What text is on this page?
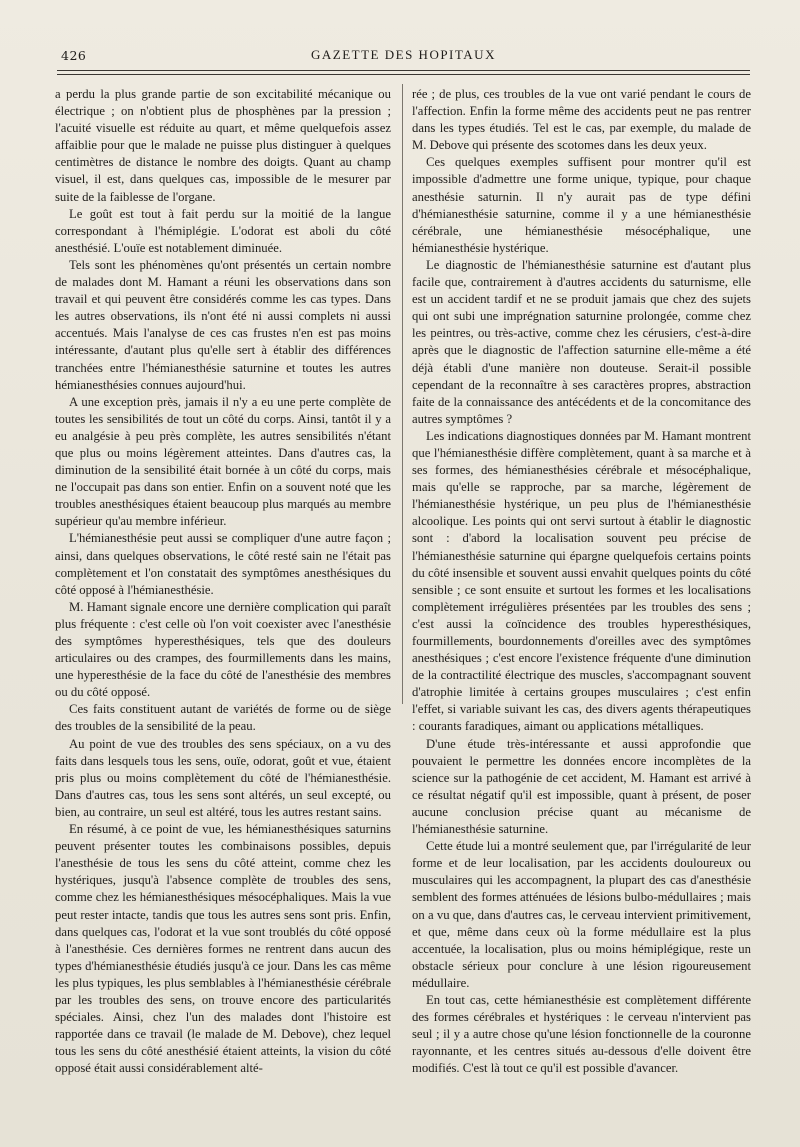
426	GAZETTE DES HOPITAUX

a perdu la plus grande partie de son excitabilité mécanique ou électrique ; on n'obtient plus de phosphènes par la pression ; l'acuité visuelle est réduite au quart, et même quelquefois assez affaiblie pour que le malade ne puisse plus distinguer à quelques centimètres de distance le nombre des doigts. Quant au champ visuel, il est, dans quelques cas, impossible de le mesurer par suite de la faiblesse de l'organe.

Le goût est tout à fait perdu sur la moitié de la langue correspondant à l'hémiplégie. L'odorat est aboli du côté anesthésié. L'ouïe est notablement diminuée.

Tels sont les phénomènes qu'ont présentés un certain nombre de malades dont M. Hamant a réuni les observations dans son travail et qui peuvent être considérés comme les cas types. Dans les autres observations, ils n'ont été ni aussi complets ni aussi accentués. Mais l'analyse de ces cas frustes n'en est pas moins intéressante, d'autant plus qu'elle sert à établir des différences tranchées entre l'hémianesthésie saturnine et toutes les autres hémianesthésies connues aujourd'hui.

A une exception près, jamais il n'y a eu une perte complète de toutes les sensibilités de tout un côté du corps. Ainsi, tantôt il y a eu analgésie à peu près complète, les autres sensibilités n'étant que plus ou moins légèrement atteintes. Dans d'autres cas, la diminution de la sensibilité était bornée à un côté du corps, mais ne l'occupait pas dans son entier. Enfin on a souvent noté que les troubles anesthésiques étaient beaucoup plus marqués au membre supérieur qu'au membre inférieur.

L'hémianesthésie peut aussi se compliquer d'une autre façon ; ainsi, dans quelques observations, le côté resté sain ne l'était pas complètement et l'on constatait des symptômes anesthésiques du côté opposé à l'hémianesthésie.

M. Hamant signale encore une dernière complication qui paraît plus fréquente : c'est celle où l'on voit coexister avec l'anesthésie des symptômes hyperesthésiques, tels que des douleurs articulaires ou des crampes, des fourmillements dans les mains, une hyperesthésie de la face du côté de l'anesthésie des membres ou du côté opposé.

Ces faits constituent autant de variétés de forme ou de siège des troubles de la sensibilité de la peau.

Au point de vue des troubles des sens spéciaux, on a vu des faits dans lesquels tous les sens, ouïe, odorat, goût et vue, étaient pris plus ou moins complètement du côté de l'hémianesthésie. Dans d'autres cas, tous les sens sont altérés, un seul excepté, ou bien, au contraire, un seul est altéré, tous les autres restant sains.

En résumé, à ce point de vue, les hémianesthésiques saturnins peuvent présenter toutes les combinaisons possibles, depuis l'anesthésie de tous les sens du côté atteint, comme chez les hystériques, jusqu'à l'absence complète de troubles des sens, comme chez les hémianesthésiques mésocéphaliques. Mais la vue peut rester intacte, tandis que tous les autres sens sont pris. Enfin, dans quelques cas, l'odorat et la vue sont troublés du côté opposé à l'anesthésie. Ces dernières formes ne rentrent dans aucun des types d'hémianesthésie étudiés jusqu'à ce jour. Dans les cas même les plus typiques, les plus semblables à l'hémianesthésie cérébrale par les troubles des sens, on trouve encore des particularités spéciales. Ainsi, chez l'un des malades dont l'histoire est rapportée dans ce travail (le malade de M. Debove), chez lequel tous les sens du côté anesthésié étaient atteints, la vision du côté opposé était aussi considérablement alté-

rée ; de plus, ces troubles de la vue ont varié pendant le cours de l'affection. Enfin la forme même des accidents peut ne pas rentrer dans les types étudiés. Tel est le cas, par exemple, du malade de M. Debove qui présente des scotomes dans les deux yeux.

Ces quelques exemples suffisent pour montrer qu'il est impossible d'admettre une forme unique, typique, pour chaque anesthésie saturnin. Il n'y aurait pas de type défini d'hémianesthésie saturnine, comme il y a une hémianesthésie cérébrale, une hémianesthésie mésocéphalique, une hémianesthésie hystérique.

Le diagnostic de l'hémianesthésie saturnine est d'autant plus facile que, contrairement à d'autres accidents du saturnisme, elle est un accident tardif et ne se produit jamais que chez des sujets qui ont subi une imprégnation saturnine prolongée, comme chez les peintres, ou très-active, comme chez les cérusiers, c'est-à-dire après que le diagnostic de l'affection saturnine elle-même a été déjà établi d'une manière non douteuse. Serait-il possible cependant de la reconnaître à ses caractères propres, abstraction faite de la connaissance des antécédents et de la concomitance des autres symptômes ?

Les indications diagnostiques données par M. Hamant montrent que l'hémianesthésie diffère complètement, quant à sa marche et à ses formes, des hémianesthésies cérébrale et mésocéphalique, mais qu'elle se rapproche, par sa marche, légèrement de l'hémianesthésie hystérique, un peu plus de l'hémianesthésie alcoolique. Les points qui ont servi surtout à établir le diagnostic sont : d'abord la localisation souvent peu précise de l'hémianesthésie saturnine qui épargne quelquefois certains points du côté insensible et souvent aussi envahit quelques points du côté sensible ; ce sont ensuite et surtout les formes et les localisations complètement irrégulières présentées par les troubles des sens ; c'est aussi la coïncidence des troubles hyperesthésiques, fourmillements, bourdonnements d'oreilles avec des symptômes anesthésiques ; c'est encore l'existence fréquente d'une diminution de la contractilité électrique des muscles, s'accompagnant souvent d'atrophie limitée à certains groupes musculaires ; c'est enfin l'effet, si variable suivant les cas, des divers agents thérapeutiques : courants faradiques, aimant ou applications métalliques.

D'une étude très-intéressante et aussi approfondie que pouvaient le permettre les données encore incomplètes de la science sur la pathogénie de cet accident, M. Hamant est arrivé à ce résultat négatif qu'il est impossible, quant à présent, de poser aucune conclusion précise quant au mécanisme de l'hémianesthésie saturnine.

Cette étude lui a montré seulement que, par l'irrégularité de leur forme et de leur localisation, par les accidents douloureux ou musculaires qui les accompagnent, la plupart des cas d'anesthésie semblent des formes atténuées de lésions bulbo-médullaires ; mais on a vu que, dans d'autres cas, le cerveau intervient primitivement, et que, même dans ceux où la forme médullaire est la plus accentuée, la localisation, plus ou moins hémiplégique, reste un obstacle sérieux pour conclure à une lésion rigoureusement médullaire.

En tout cas, cette hémianesthésie est complètement différente des formes cérébrales et hystériques : le cerveau n'intervient pas seul ; il y a autre chose qu'une lésion fonctionnelle de la couronne rayonnante, et les centres situés au-dessous d'elle doivent être modifiés. C'est là tout ce qu'il est possible d'avancer.
